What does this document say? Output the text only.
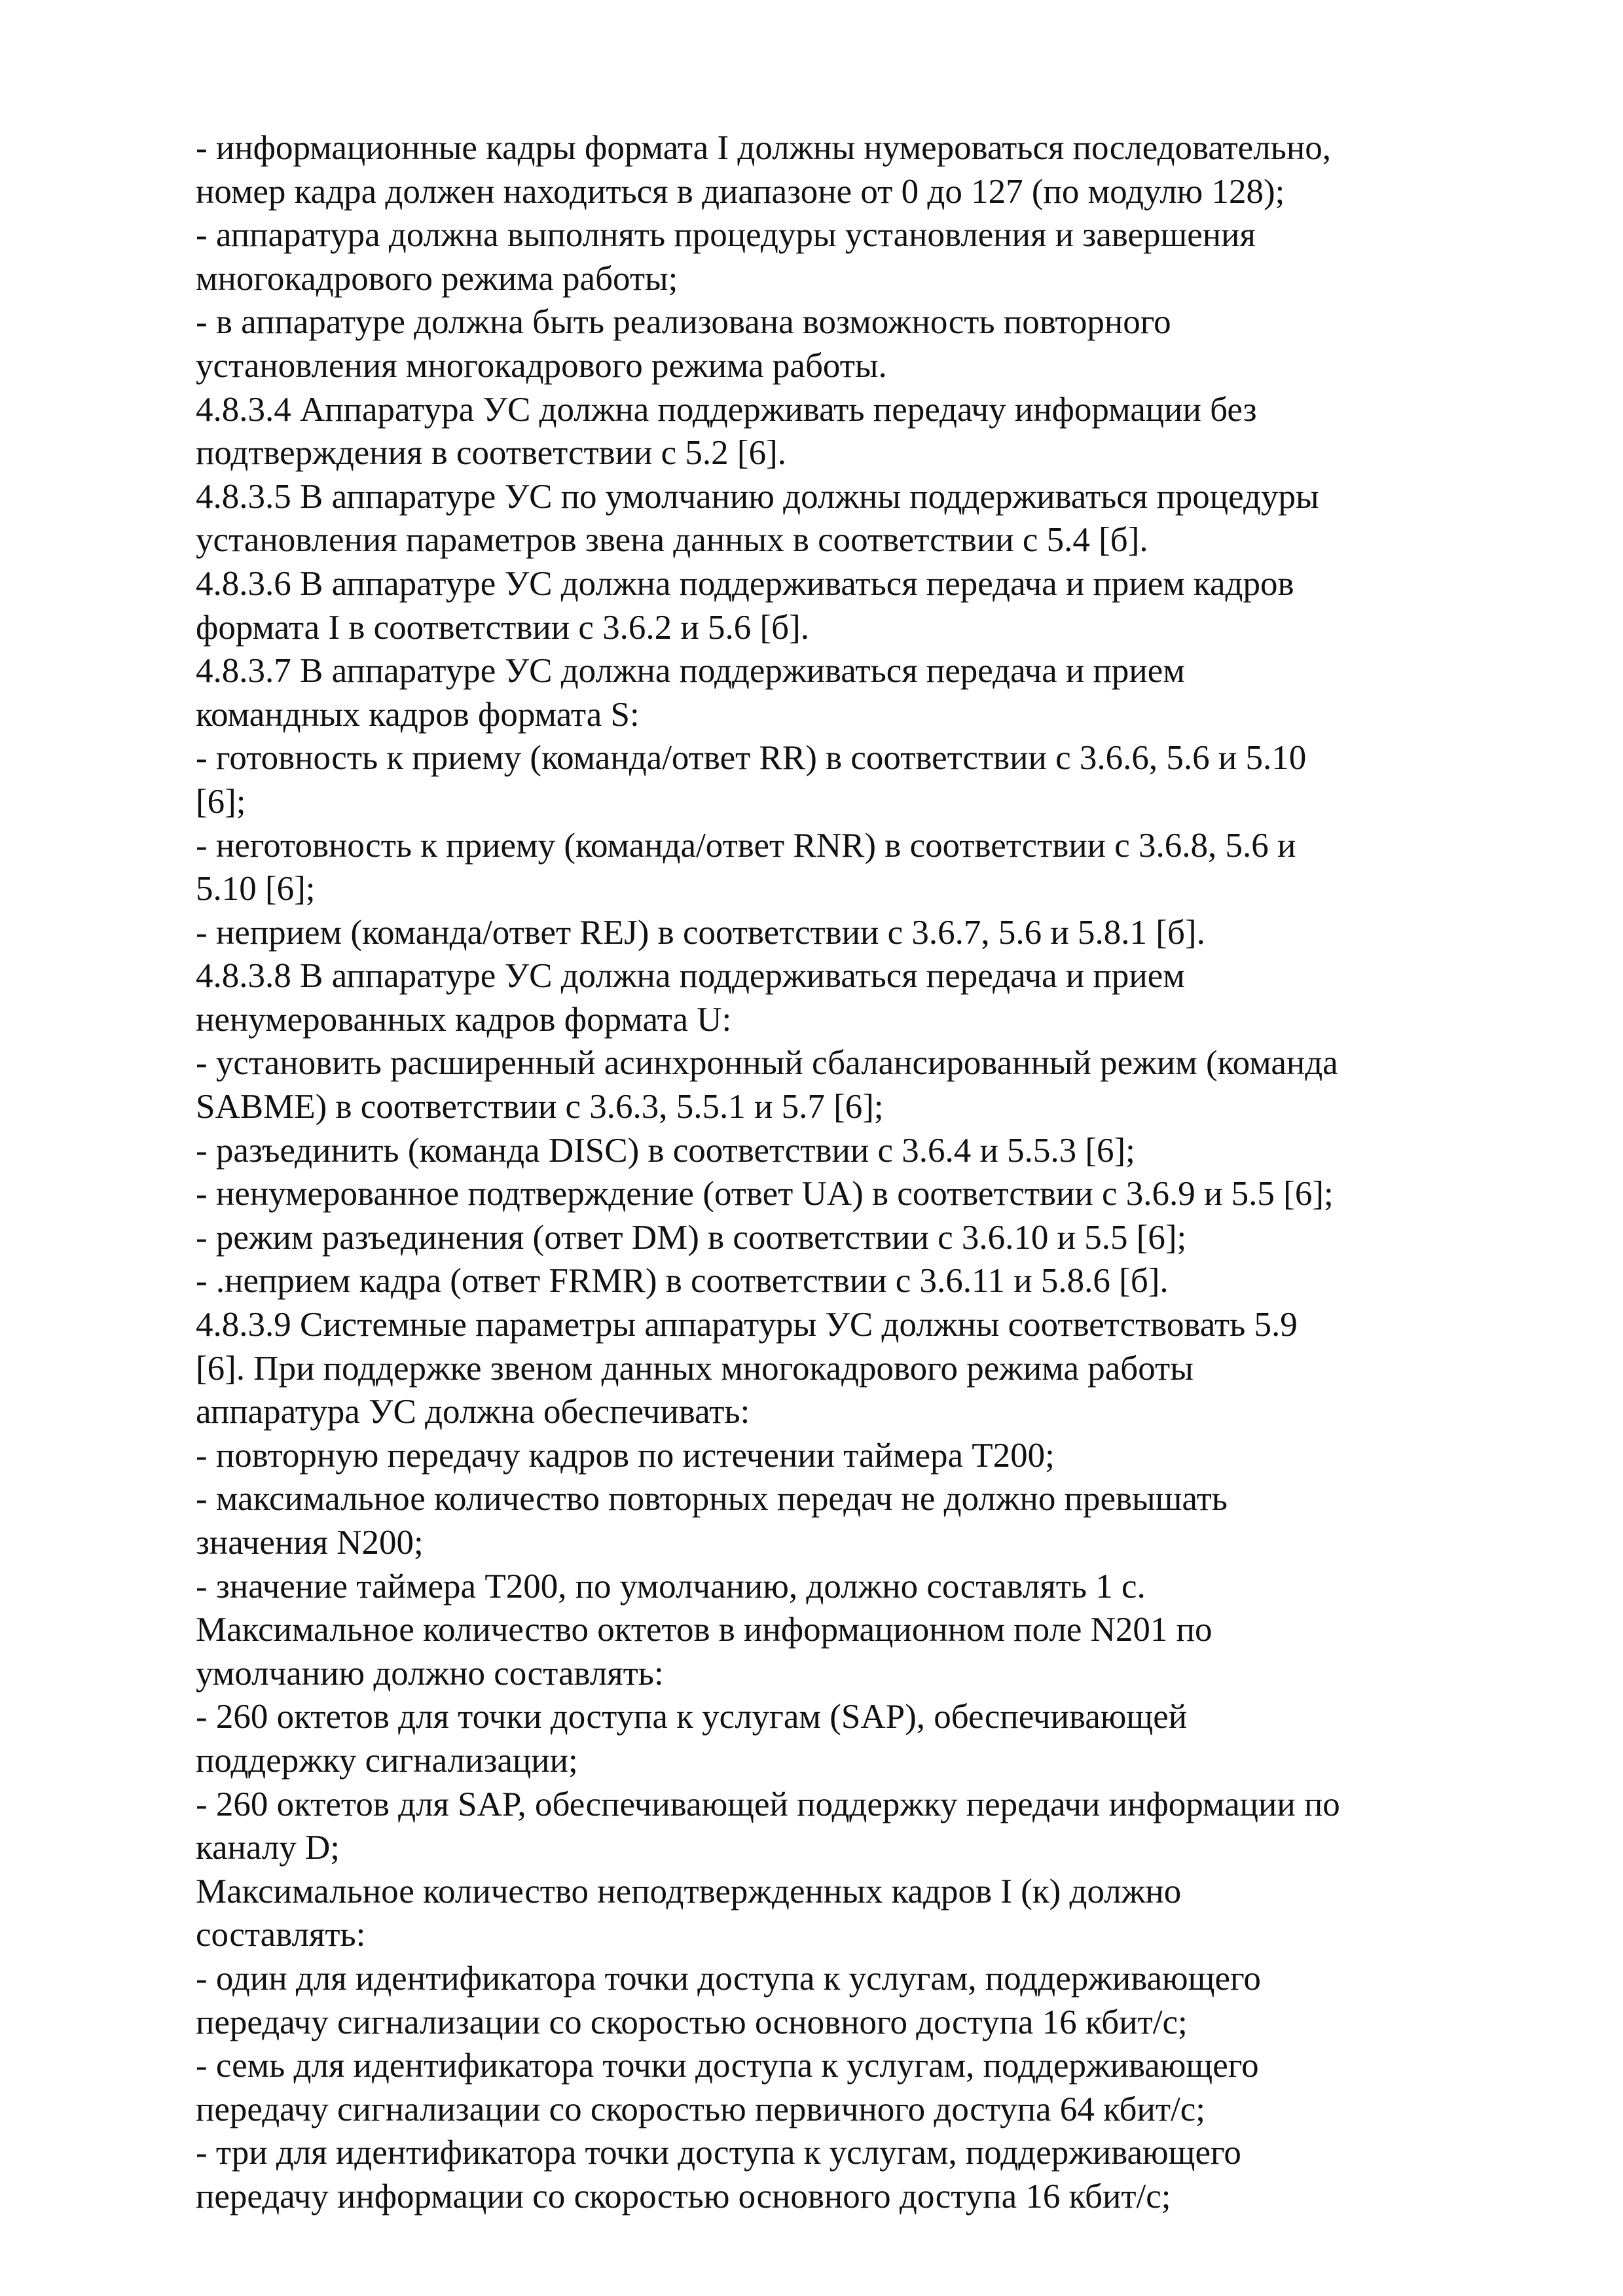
- информационные кадры формата I должны нумероваться последовательно,
номер кадра должен находиться в диапазоне от 0 до 127 (по модулю 128);
- аппаратура должна выполнять процедуры установления и завершения
многокадрового режима работы;
- в аппаратуре должна быть реализована возможность повторного
установления многокадрового режима работы.
4.8.3.4 Аппаратура УС должна поддерживать передачу информации без
подтверждения в соответствии с 5.2 [6].
4.8.3.5 В аппаратуре УС по умолчанию должны поддерживаться процедуры
установления параметров звена данных в соответствии с 5.4 [б].
4.8.3.6 В аппаратуре УС должна поддерживаться передача и прием кадров
формата I в соответствии с 3.6.2 и 5.6 [б].
4.8.3.7 В аппаратуре УС должна поддерживаться передача и прием
командных кадров формата S:
- готовность к приему (команда/ответ RR) в соответствии с 3.6.6, 5.6 и 5.10
[6];
- неготовность к приему (команда/ответ RNR) в соответствии с 3.6.8, 5.6 и
5.10 [6];
- неприем (команда/ответ REJ) в соответствии с 3.6.7, 5.6 и 5.8.1 [б].
4.8.3.8 В аппаратуре УС должна поддерживаться передача и прием
ненумерованных кадров формата U:
- установить расширенный асинхронный сбалансированный режим (команда
SABME) в соответствии с 3.6.3, 5.5.1 и 5.7 [6];
- разъединить (команда DISC) в соответствии с 3.6.4 и 5.5.3 [6];
- ненумерованное подтверждение (ответ UA) в соответствии с 3.6.9 и 5.5 [6];
- режим разъединения (ответ DM) в соответствии с 3.6.10 и 5.5 [6];
- .неприем кадра (ответ FRMR) в соответствии с 3.6.11 и 5.8.6 [б].
4.8.3.9 Системные параметры аппаратуры УС должны соответствовать 5.9
[6]. При поддержке звеном данных многокадрового режима работы
аппаратура УС должна обеспечивать:
- повторную передачу кадров по истечении таймера T200;
- максимальное количество повторных передач не должно превышать
значения N200;
- значение таймера T200, по умолчанию, должно составлять 1 с.
Максимальное количество октетов в информационном поле N201 по
умолчанию должно составлять:
- 260 октетов для точки доступа к услугам (SAP), обеспечивающей
поддержку сигнализации;
- 260 октетов для SAP, обеспечивающей поддержку передачи информации по
каналу D;
Максимальное количество неподтвержденных кадров I (к) должно
составлять:
- один для идентификатора точки доступа к услугам, поддерживающего
передачу сигнализации со скоростью основного доступа 16 кбит/с;
- семь для идентификатора точки доступа к услугам, поддерживающего
передачу сигнализации со скоростью первичного доступа 64 кбит/с;
- три для идентификатора точки доступа к услугам, поддерживающего
передачу информации со скоростью основного доступа 16 кбит/с;
